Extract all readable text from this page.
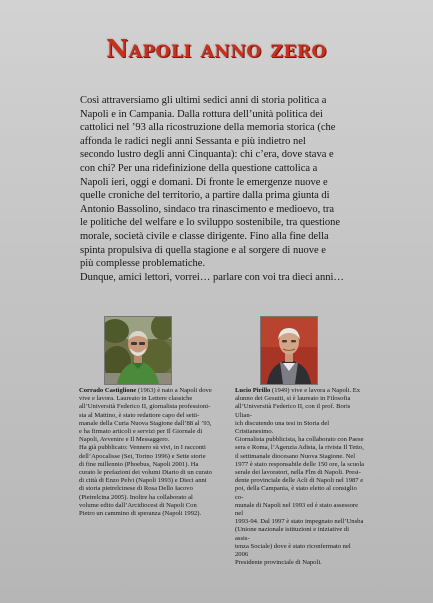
Napoli anno zero

Così attraversiamo gli ultimi sedici anni di storia politica a

Napoli e in Campania. Dalla rottura dell’unità politica dei

cattolici nel ’93 alla ricostruzione della memoria storica (che

affonda le radici negli anni Sessanta e più indietro nel

secondo lustro degli anni Cinquanta): chi c’era, dove stava e

con chi? Per una ridefinizione della questione cattolica a

Napoli ieri, oggi e domani. Di fronte le emergenze nuove e

quelle croniche del territorio, a partire dalla prima giunta di

Antonio Bassolino, sindaco tra rinascimento e medioevo, tra

le politiche del welfare e lo sviluppo sostenibile, tra questione

morale, società civile e classe dirigente. Fino alla fine della

spinta propulsiva di quella stagione e al sorgere di nuove e

più complesse problematiche.

Dunque, amici lettori, vorrei… parlare con voi tra dieci anni…

Corrado Castiglione (1963) è nato a Napoli dove
vive e lavora. Laureato in Lettere classiche
all’Università Federico II, giornalista professioni-
sta al Mattino, è stato redattore capo del setti-
manale della Curia Nuova Stagione dall’88 al ’93,
e ha firmato articoli e servizi per Il Giornale di
Napoli, Avvenire e Il Messaggero.
Ha già pubblicato: Vennero sù vivi, in I racconti
dell’Apocalisse (Sei, Torino 1996) e Sette storie
di fine millennio (Phoebus, Napoli 2001). Ha
curato le prefazioni dei volumi Diario di un curato
di città di Enzo Pelvi (Napoli 1993) e Dieci anni
di storia pietrelcinese di Rosa Dello Iacovo
(Pietrelcina 2005). Inoltre ha collaborato al
volume edito dall’Arcidiocesi di Napoli Con
Pietro un cammino di speranza (Napoli 1992).
Lucio Pirillo (1949) vive e lavora a Napoli. Ex
alunno dei Gesuiti, si è laureato in Filosofia
all’Università Federico II, con il prof. Boris Ulian-
ich discutendo una tesi in Storia del Cristianesimo.
Giornalista pubblicista, ha collaborato con Paese
sera e Roma, l’Agenzia Adista, la rivista Il Tetto,
il settimanale diocesano Nuova Stagione. Nel
1977 è stato responsabile delle 150 ore, la scuola
serale dei lavoratori, nella Flm di Napoli. Presi-
dente provinciale delle Acli di Napoli nel 1987 e
poi, della Campania, è stato eletto al consiglio co-
munale di Napoli nel 1993 ed è stato assessore nel
1993-94. Dal 1997 è stato impegnato nell’Unsba
(Unione nazionale istituzioni e iniziative di assis-
tenza Sociale) dove è stato riconfermato nel 2006
Presidente provinciale di Napoli.
